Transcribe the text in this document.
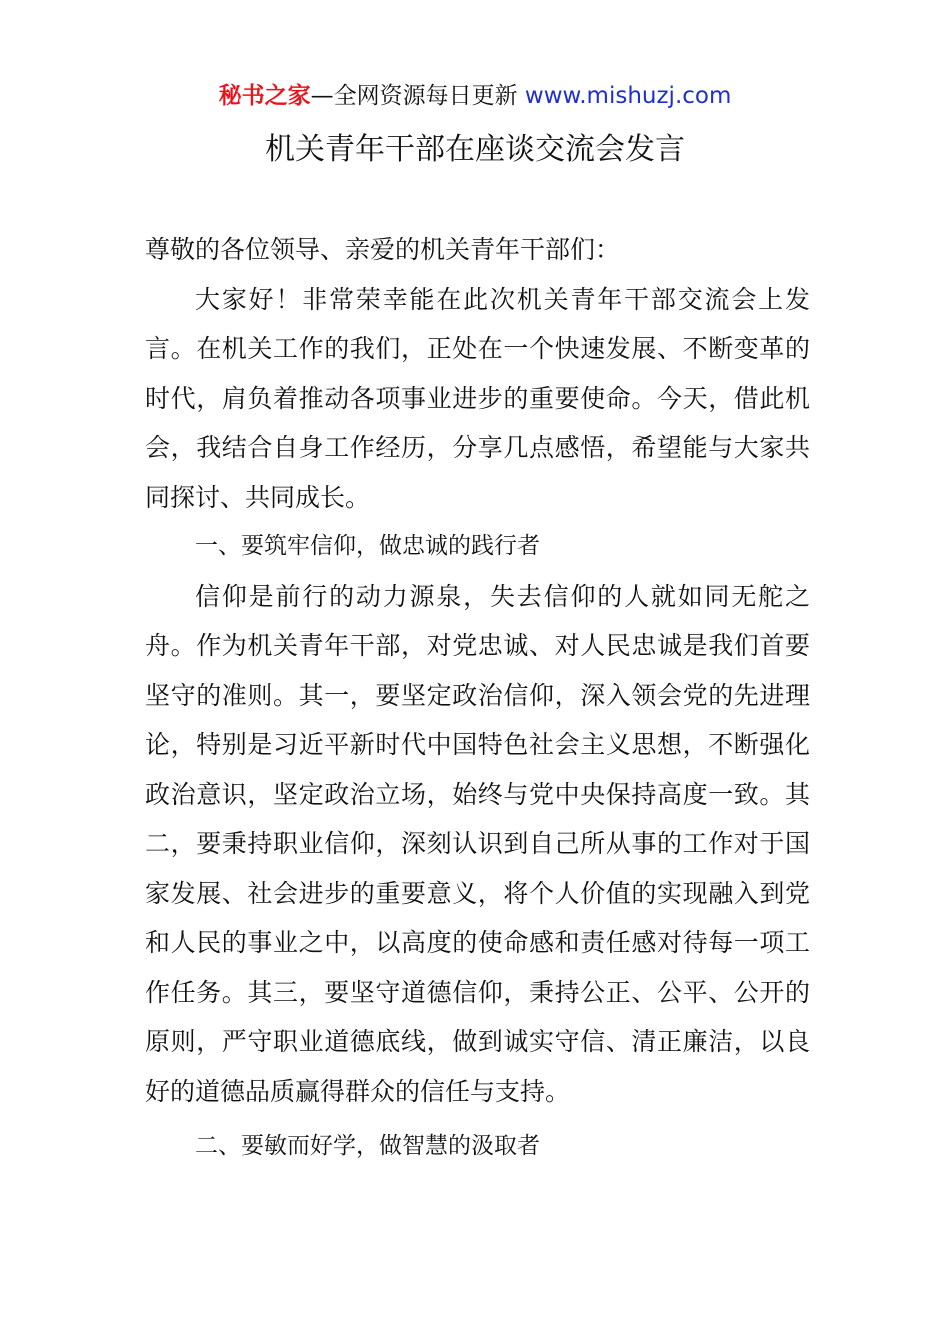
秘书之家—全网资源每日更新 www.mishuzj.com
机关青年干部在座谈交流会发言

尊敬的各位领导、亲爱的机关青年干部们：

大家好！非常荣幸能在此次机关青年干部交流会上发言。在机关工作的我们，正处在一个快速发展、不断变革的时代，肩负着推动各项事业进步的重要使命。今天，借此机会，我结合自身工作经历，分享几点感悟，希望能与大家共同探讨、共同成长。

一、要筑牢信仰，做忠诚的践行者

信仰是前行的动力源泉，失去信仰的人就如同无舵之舟。作为机关青年干部，对党忠诚、对人民忠诚是我们首要坚守的准则。其一，要坚定政治信仰，深入领会党的先进理论，特别是习近平新时代中国特色社会主义思想，不断强化政治意识，坚定政治立场，始终与党中央保持高度一致。其二，要秉持职业信仰，深刻认识到自己所从事的工作对于国家发展、社会进步的重要意义，将个人价值的实现融入到党和人民的事业之中，以高度的使命感和责任感对待每一项工作任务。其三，要坚守道德信仰，秉持公正、公平、公开的原则，严守职业道德底线，做到诚实守信、清正廉洁，以良好的道德品质赢得群众的信任与支持。

二、要敏而好学，做智慧的汲取者
